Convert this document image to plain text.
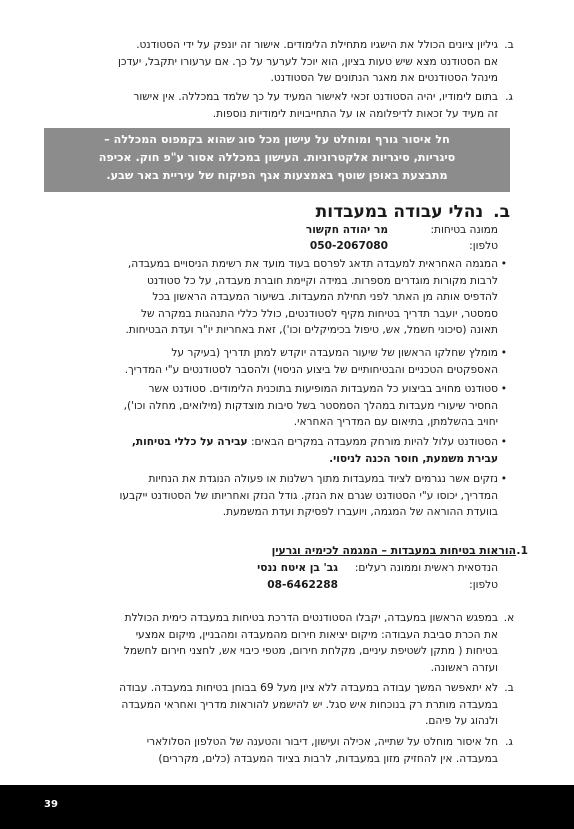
ב.

גיליון ציונים הכולל את הישגיו מתחילת הלימודים. אישור זה יונפק על ידי הסטודנט.

אם הסטודנט מצא שיש טעות בציון, הוא יוכל לערער על כך. אם ערעורו יתקבל, יעדכן

מינהל הסטודנטים את מאגר הנתונים של הסטודנט.

ג.

בתום לימודיו, יהיה הסטודנט זכאי לאישור המעיד על כך שלמד במכללה. אין אישור

זה מעיד על זכאות לדיפלומה או על התחייבויות לימודיות נוספות.

חל איסור גורף ומוחלט על עישון מכל סוג שהוא בקמפוס המכללה –

סיגריות, סיגריות אלקטרוניות. העישון במכללה אסור ע"פ חוק. אכיפה

מתבצעת באופן שוטף באמצעות אגף הפיקוח של עיריית באר שבע.

ב.נהלי עבודה במעבדות
ממונה בטיחות:
מר יהודה חקשור
טלפון:
050-2067080
•

המגמה האחראית למעבדה תדאג לפרסם בעוד מועד את רשימת הניסויים במעבדה,

לרבות מקורות מוגדרים מספרות. במידה וקיימת חוברת מעבדה, על כל סטודנט

להדפיס אותה מן האתר לפני תחילת המעבדות. בשיעור המעבדה הראשון בכל

סמסטר, יועבר תדריך בטיחות מקיף לסטודנטים, כולל כללי התנהגות במקרה של

תאונה (סיכוני חשמל, אש, טיפול בכימיקלים וכו'), זאת באחריות יו"ר ועדת הבטיחות.

•

מומלץ שחלקו הראשון של שיעור המעבדה יוקדש למתן תדריך (בעיקר על

האספקטים הטכניים והבטיחותיים של ביצוע הניסוי) ולהסבר לסטודנטים ע"י המדריך.

•

סטודנט מחויב בביצוע כל המעבדות המופיעות בתוכנית הלימודים. סטודנט אשר

החסיר שיעורי מעבדות במהלך הסמסטר בשל סיבות מוצדקות (מילואים, מחלה וכו'),

יחויב בהשלמתן, בתיאום עם המדריך האחראי.

•

הסטודנט עלול להיות מורחק ממעבדה במקרים הבאים: עבירה על כללי בטיחות,

עבירת משמעת, חוסר הכנה לניסוי.

•

נזקים אשר נגרמים לציוד במעבדות מתוך רשלנות או פעולה הנוגדת את הנחיות

המדריך, יכוסו ע"י הסטודנט שגרם את הנזק. גודל הנזק ואחריותו של הסטודנט ייקבעו

בוועדת ההוראה של המגמה, ויועברו לפסיקת ועדת המשמעת.

1.
הוראות בטיחות במעבדות – המגמה לכימיה וגרעין
הנדסאית ראשית וממונה רעלים:
גב' בן איטח ננסי
טלפון:
08-6462288
א.

במפגש הראשון במעבדה, יקבלו הסטודנטים הדרכת בטיחות במעבדה כימית הכוללת

את הכרת סביבת העבודה: מיקום יציאות חירום מהמעבדה ומהבניין, מיקום אמצעי

בטיחות ( מתקן לשטיפת עיניים, מקלחת חירום, מטפי כיבוי אש, לחצני חירום לחשמל

ועזרה ראשונה.

ב.

לא יתאפשר המשך עבודה במעבדה ללא ציון מעל 69 בבוחן בטיחות במעבדה. עבודה

במעבדה מותרת רק בנוכחות איש סגל. יש להישמע להוראות מדריך ואחראי המעבדה

ולנהוג על פיהם.

ג.

חל איסור מוחלט על שתייה, אכילה ועישון, דיבור והטענה של הטלפון הסלולארי

במעבדה. אין להחזיק מזון במעבדות, לרבות בציוד המעבדה (כלים, מקררים)

39
